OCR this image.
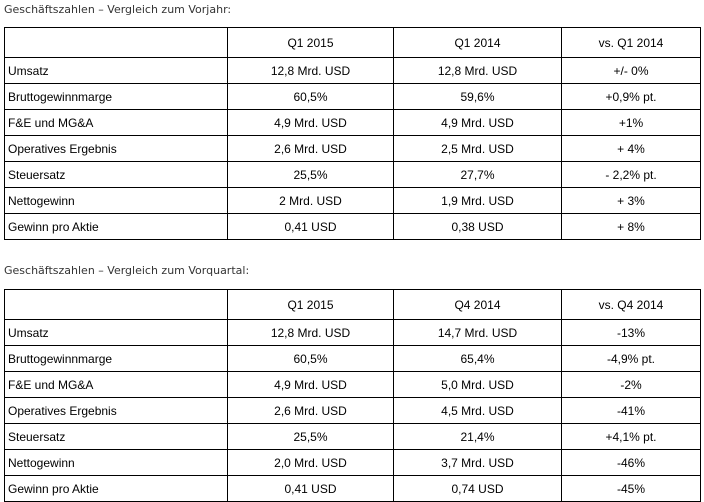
Geschäftszahlen – Vergleich zum Vorjahr:
	Q1 2015	Q1 2014	vs. Q1 2014
Umsatz	12,8 Mrd. USD	12,8 Mrd. USD	+/- 0%
Bruttogewinnmarge	60,5%	59,6%	+0,9% pt.
F&E und MG&A	4,9 Mrd. USD	4,9 Mrd. USD	+1%
Operatives Ergebnis	2,6 Mrd. USD	2,5 Mrd. USD	+ 4%
Steuersatz	25,5%	27,7%	- 2,2% pt.
Nettogewinn	2 Mrd. USD	1,9 Mrd. USD	+ 3%
Gewinn pro Aktie	0,41 USD	0,38 USD	+ 8%
Geschäftszahlen – Vergleich zum Vorquartal:
	Q1 2015	Q4 2014	vs. Q4 2014
Umsatz	12,8 Mrd. USD	14,7 Mrd. USD	-13%
Bruttogewinnmarge	60,5%	65,4%	-4,9% pt.
F&E und MG&A	4,9 Mrd. USD	5,0 Mrd. USD	-2%
Operatives Ergebnis	2,6 Mrd. USD	4,5 Mrd. USD	-41%
Steuersatz	25,5%	21,4%	+4,1% pt.
Nettogewinn	2,0 Mrd. USD	3,7 Mrd. USD	-46%
Gewinn pro Aktie	0,41 USD	0,74 USD	-45%
